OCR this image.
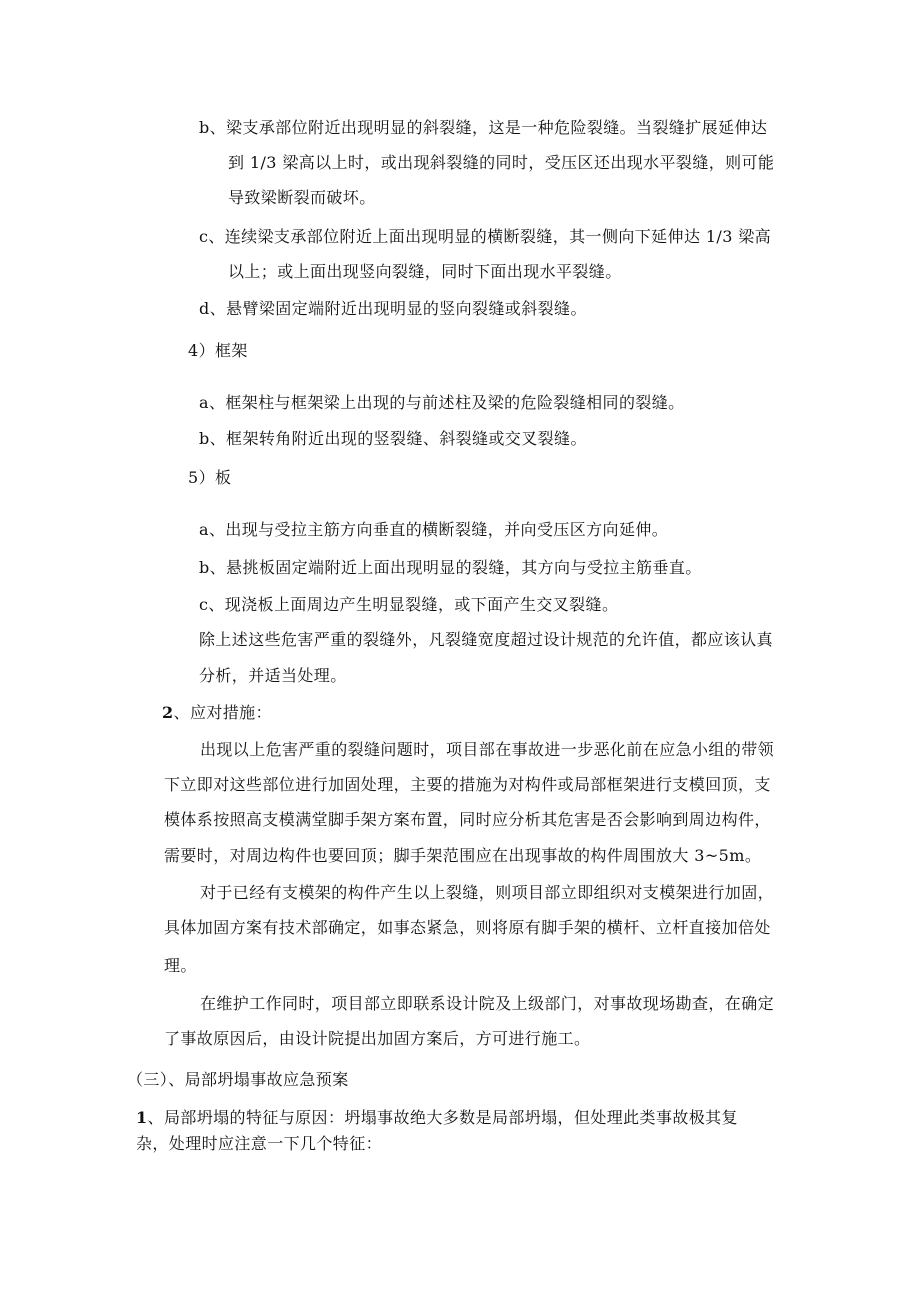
b、梁支承部位附近出现明显的斜裂缝，这是一种危险裂缝。当裂缝扩展延伸达
到 1/3 梁高以上时，或出现斜裂缝的同时，受压区还出现水平裂缝，则可能
导致梁断裂而破坏。
c、连续梁支承部位附近上面出现明显的横断裂缝，其一侧向下延伸达 1/3 梁高
以上；或上面出现竖向裂缝，同时下面出现水平裂缝。
d、悬臂梁固定端附近出现明显的竖向裂缝或斜裂缝。
4）框架
a、框架柱与框架梁上出现的与前述柱及梁的危险裂缝相同的裂缝。
b、框架转角附近出现的竖裂缝、斜裂缝或交叉裂缝。
5）板
a、出现与受拉主筋方向垂直的横断裂缝，并向受压区方向延伸。
b、悬挑板固定端附近上面出现明显的裂缝，其方向与受拉主筋垂直。
c、现浇板上面周边产生明显裂缝，或下面产生交叉裂缝。
除上述这些危害严重的裂缝外，凡裂缝宽度超过设计规范的允许值，都应该认真
分析，并适当处理。
2、应对措施：
出现以上危害严重的裂缝问题时，项目部在事故进一步恶化前在应急小组的带领
下立即对这些部位进行加固处理，主要的措施为对构件或局部框架进行支模回顶，支
模体系按照高支模满堂脚手架方案布置，同时应分析其危害是否会影响到周边构件，
需要时，对周边构件也要回顶；脚手架范围应在出现事故的构件周围放大 3~5m。
对于已经有支模架的构件产生以上裂缝，则项目部立即组织对支模架进行加固，
具体加固方案有技术部确定，如事态紧急，则将原有脚手架的横杆、立杆直接加倍处
理。
在维护工作同时，项目部立即联系设计院及上级部门，对事故现场勘查，在确定
了事故原因后，由设计院提出加固方案后，方可进行施工。
（三）、局部坍塌事故应急预案
1、局部坍塌的特征与原因：坍塌事故绝大多数是局部坍塌，但处理此类事故极其复
杂，处理时应注意一下几个特征：
